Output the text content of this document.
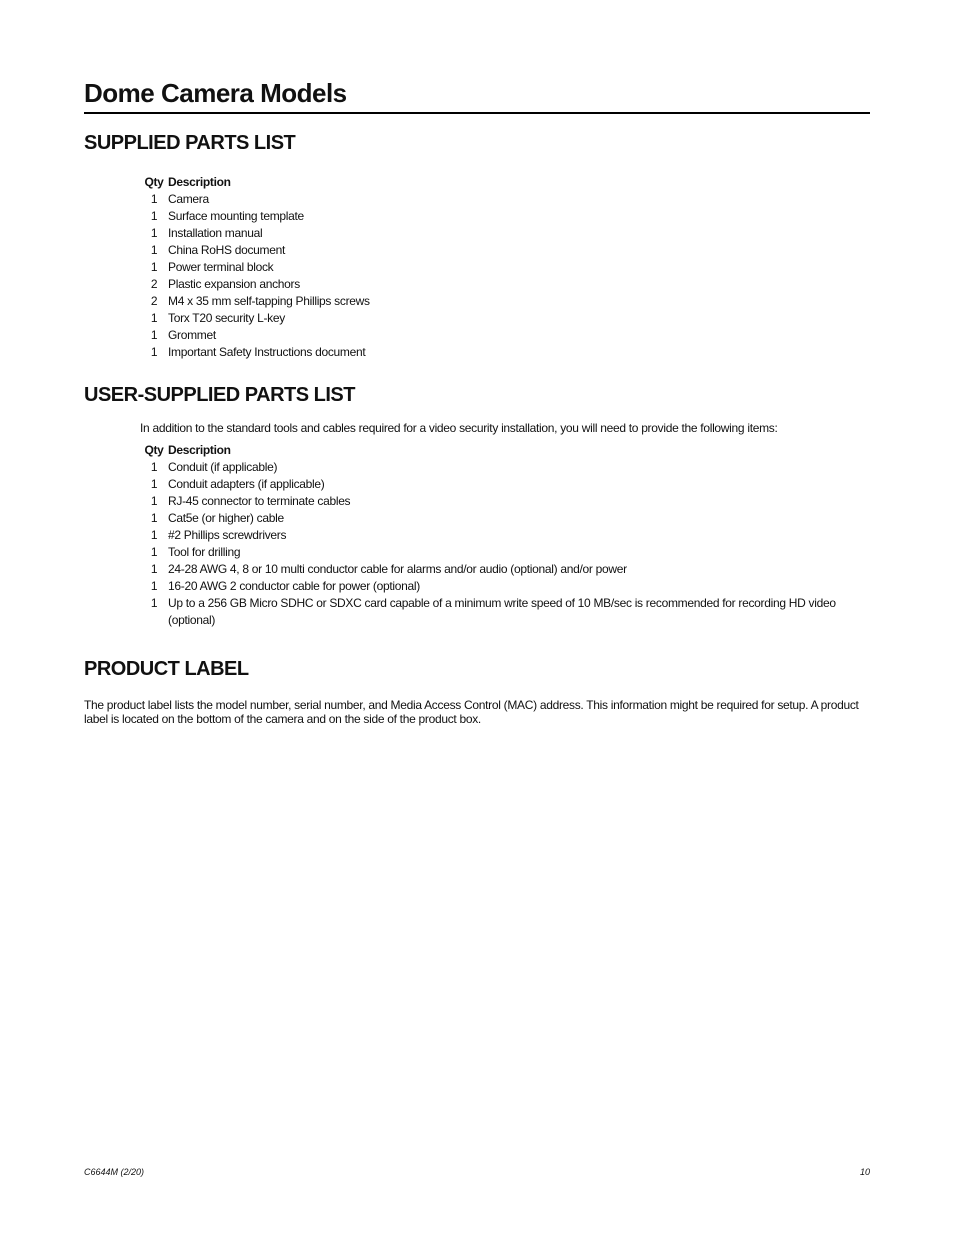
Dome Camera Models
SUPPLIED PARTS LIST
Qty	Description
1	Camera
1	Surface mounting template
1	Installation manual
1	China RoHS document
1	Power terminal block
2	Plastic expansion anchors
2	M4 x 35 mm self-tapping Phillips screws
1	Torx T20 security L-key
1	Grommet
1	Important Safety Instructions document
USER-SUPPLIED PARTS LIST

In addition to the standard tools and cables required for a video security installation, you will need to provide the following items:

Qty	Description
1	Conduit (if applicable)
1	Conduit adapters (if applicable)
1	RJ-45 connector to terminate cables
1	Cat5e (or higher) cable
1	#2 Phillips screwdrivers
1	Tool for drilling
1	24-28 AWG 4, 8 or 10 multi conductor cable for alarms and/or audio (optional) and/or power
1	16-20 AWG 2 conductor cable for power (optional)
1	Up to a 256 GB Micro SDHC or SDXC card capable of a minimum write speed of 10 MB/sec is recommended for recording HD video (optional)
PRODUCT LABEL

The product label lists the model number, serial number, and Media Access Control (MAC) address. This information might be required for setup. A product label is located on the bottom of the camera and on the side of the product box.

C6644M (2/20)	10
